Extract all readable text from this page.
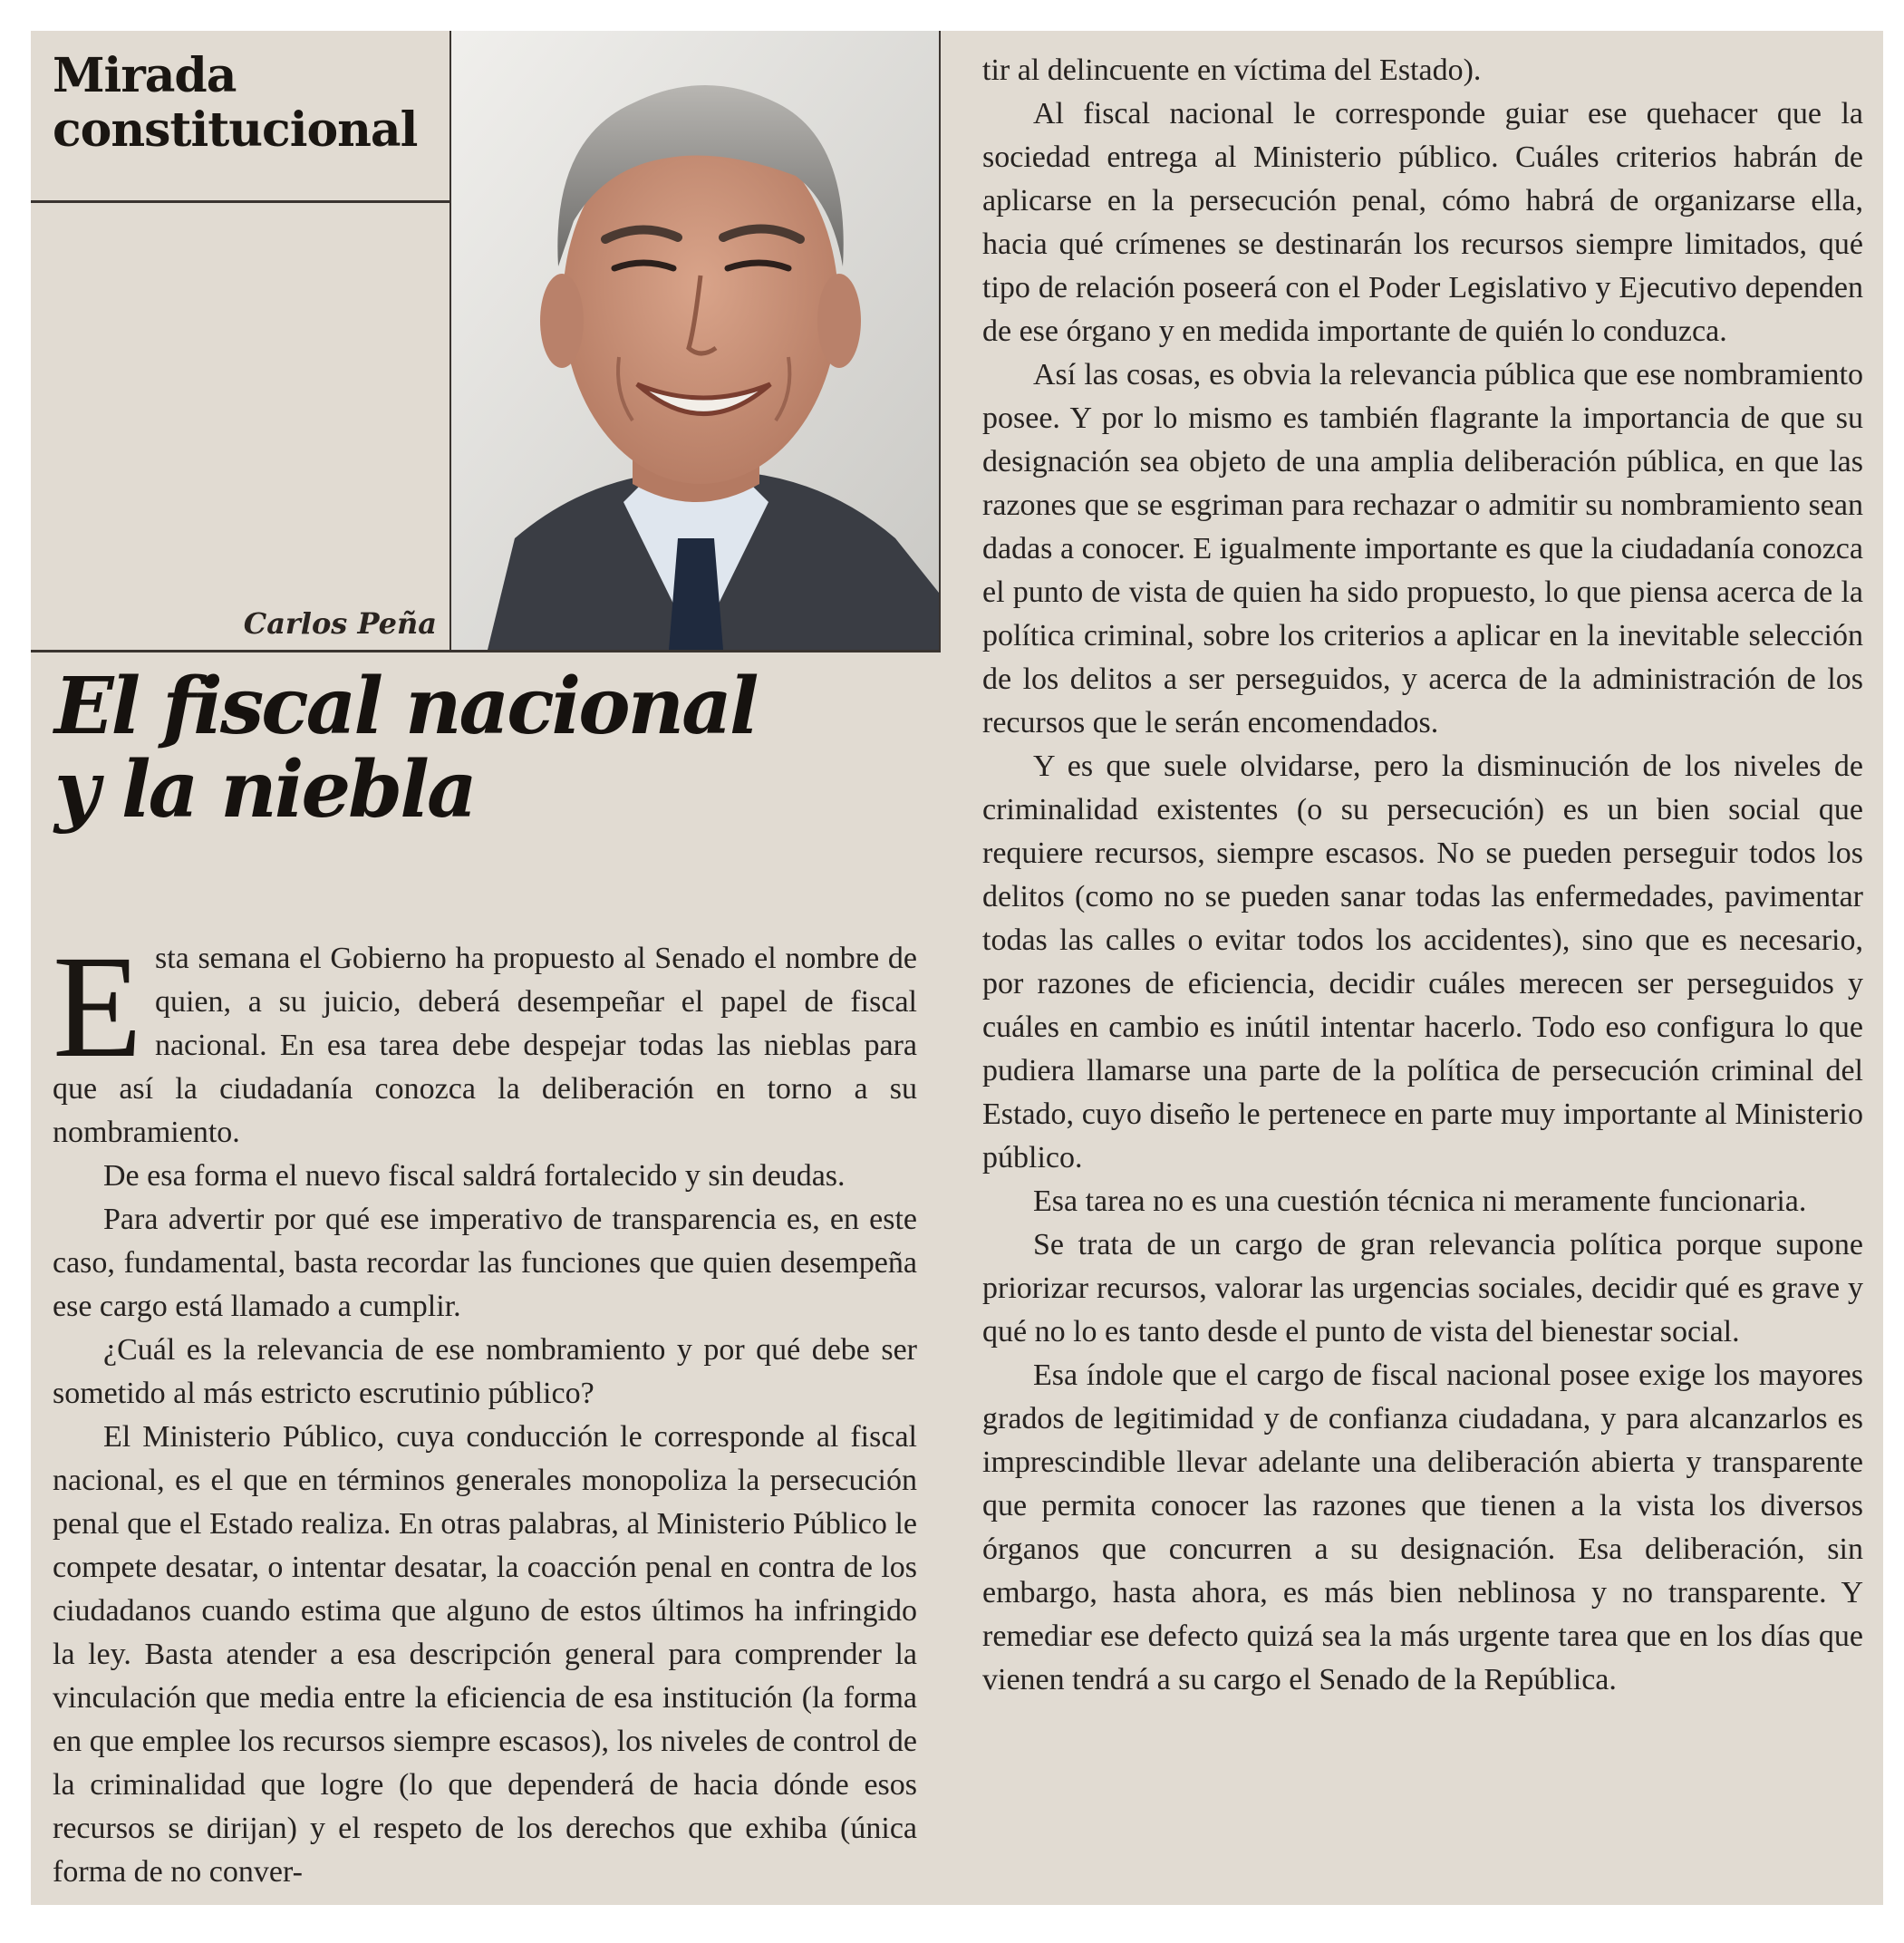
Mirada
constitucional
Carlos Peña
El fiscal nacional
y la niebla

Esta semana el Gobierno ha propuesto al Senado el nombre de quien, a su juicio, deberá desempeñar el papel de fiscal nacional. En esa tarea debe despejar todas las nieblas para que así la ciudadanía conozca la deliberación en torno a su nombramiento.

De esa forma el nuevo fiscal saldrá fortalecido y sin deudas.

Para advertir por qué ese imperativo de transparencia es, en este caso, fundamental, basta recordar las funciones que quien desempeña ese cargo está llamado a cumplir.

¿Cuál es la relevancia de ese nombramiento y por qué debe ser sometido al más estricto escrutinio público?

El Ministerio Público, cuya conducción le corresponde al fiscal nacional, es el que en términos generales monopoliza la persecución penal que el Estado realiza. En otras palabras, al Ministerio Público le compete desatar, o intentar desatar, la coacción penal en contra de los ciudadanos cuando estima que alguno de estos últimos ha infringido la ley. Basta atender a esa descripción general para comprender la vinculación que media entre la eficiencia de esa institución (la forma en que emplee los recursos siempre escasos), los niveles de control de la criminalidad que logre (lo que dependerá de hacia dónde esos recursos se dirijan) y el respeto de los derechos que exhiba (única forma de no conver-

tir al delincuente en víctima del Estado).

Al fiscal nacional le corresponde guiar ese quehacer que la sociedad entrega al Ministerio público. Cuáles criterios habrán de aplicarse en la persecución penal, cómo habrá de organizarse ella, hacia qué crímenes se destinarán los recursos siempre limitados, qué tipo de relación poseerá con el Poder Legislativo y Ejecutivo dependen de ese órgano y en medida importante de quién lo conduzca.

Así las cosas, es obvia la relevancia pública que ese nombramiento posee. Y por lo mismo es también flagrante la importancia de que su designación sea objeto de una amplia deliberación pública, en que las razones que se esgriman para rechazar o admitir su nombramiento sean dadas a conocer. E igualmente importante es que la ciudadanía conozca el punto de vista de quien ha sido propuesto, lo que piensa acerca de la política criminal, sobre los criterios a aplicar en la inevitable selección de los delitos a ser perseguidos, y acerca de la administración de los recursos que le serán encomendados.

Y es que suele olvidarse, pero la disminución de los niveles de criminalidad existentes (o su persecución) es un bien social que requiere recursos, siempre escasos. No se pueden perseguir todos los delitos (como no se pueden sanar todas las enfermedades, pavimentar todas las calles o evitar todos los accidentes), sino que es necesario, por razones de eficiencia, decidir cuáles merecen ser perseguidos y cuáles en cambio es inútil intentar hacerlo. Todo eso configura lo que pudiera llamarse una parte de la política de persecución criminal del Estado, cuyo diseño le pertenece en parte muy importante al Ministerio público.

Esa tarea no es una cuestión técnica ni meramente funcionaria.

Se trata de un cargo de gran relevancia política porque supone priorizar recursos, valorar las urgencias sociales, decidir qué es grave y qué no lo es tanto desde el punto de vista del bienestar social.

Esa índole que el cargo de fiscal nacional posee exige los mayores grados de legitimidad y de confianza ciudadana, y para alcanzarlos es imprescindible llevar adelante una deliberación abierta y transparente que permita conocer las razones que tienen a la vista los diversos órganos que concurren a su designación. Esa deliberación, sin embargo, hasta ahora, es más bien neblinosa y no transparente. Y remediar ese defecto quizá sea la más urgente tarea que en los días que vienen tendrá a su cargo el Senado de la República.
